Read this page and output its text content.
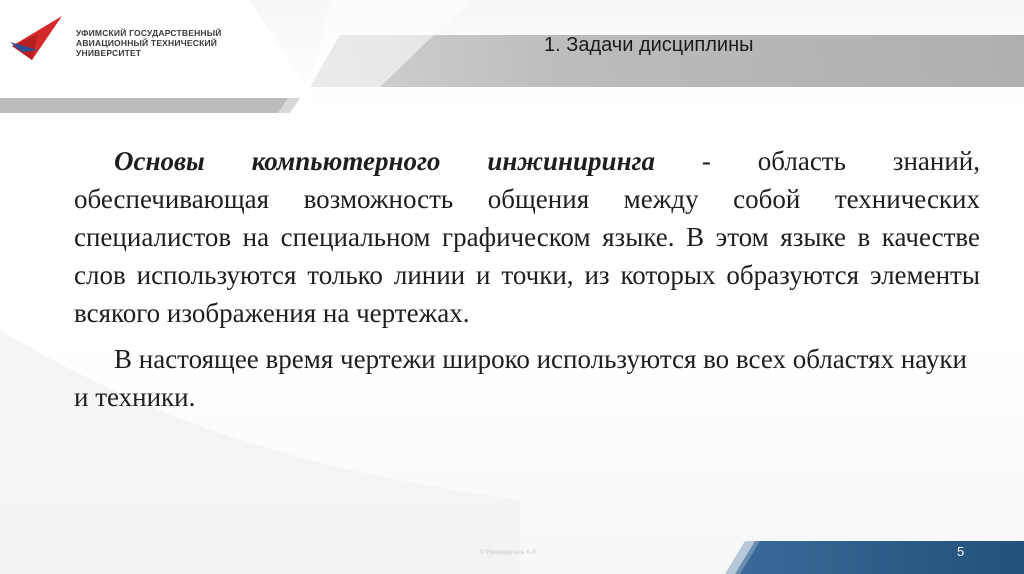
УФИМСКИЙ ГОСУДАРСТВЕННЫЙ
АВИАЦИОННЫЙ ТЕХНИЧЕСКИЙ
УНИВЕРСИТЕТ	1. Задачи дисциплины

Основы компьютерного инжиниринга - область знаний, обеспечивающая возможность общения между собой технических специалистов на специальном графическом языке. В этом языке в качестве слов используются только линии и точки, из которых образуются элементы всякого изображения на чертежах.

В настоящее время чертежи широко используются во всех областях науки и техники.

© Руководитель К.И.	5
